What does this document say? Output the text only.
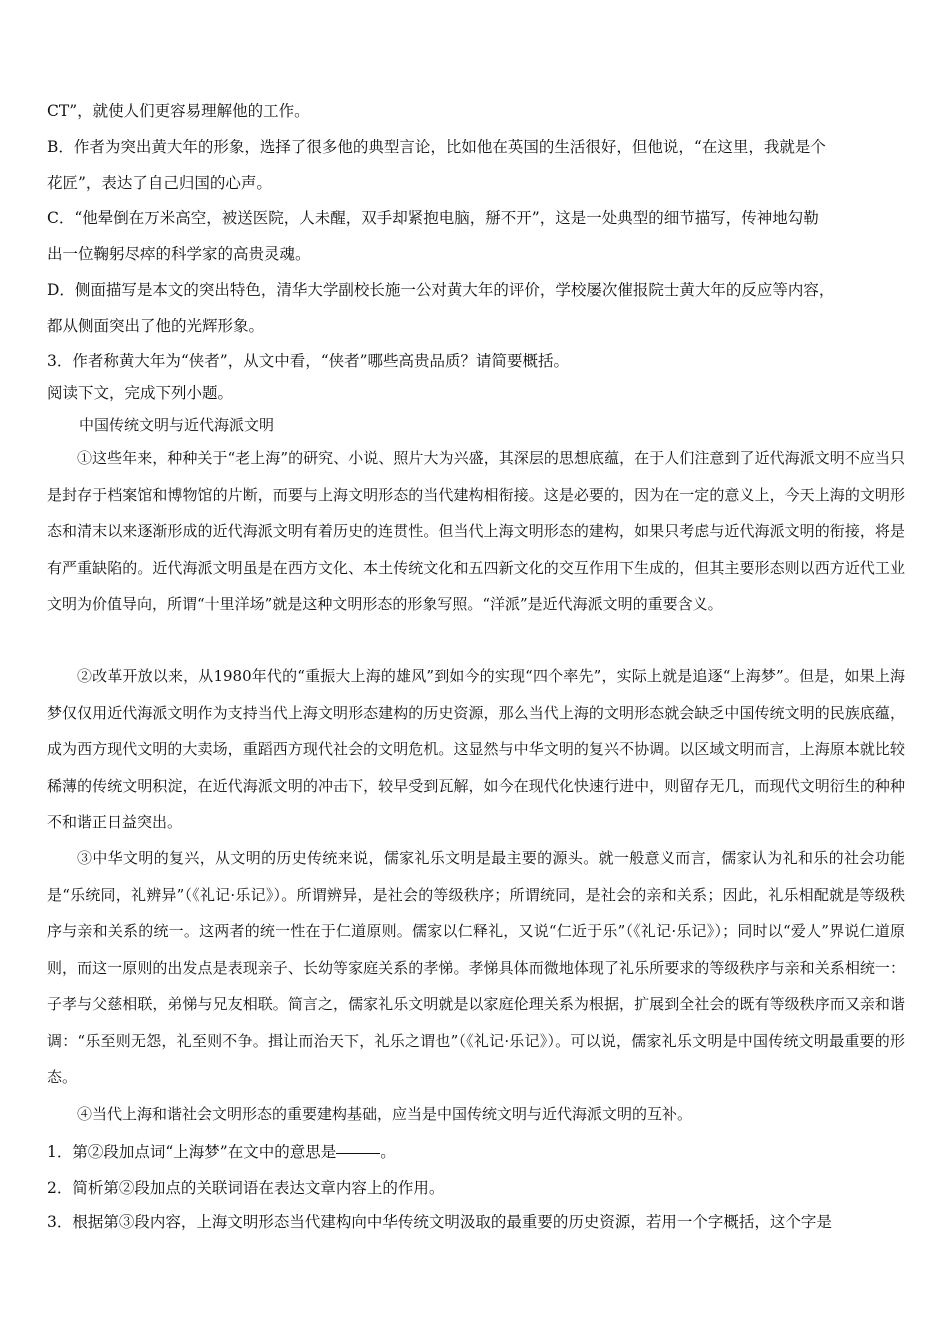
CT”，就使人们更容易理解他的工作。
B．作者为突出黄大年的形象，选择了很多他的典型言论，比如他在英国的生活很好，但他说，“在这里，我就是个
花匠”，表达了自己归国的心声。
C．“他晕倒在万米高空，被送医院，人未醒，双手却紧抱电脑，掰不开”，这是一处典型的细节描写，传神地勾勒
出一位鞠躬尽瘁的科学家的高贵灵魂。
D．侧面描写是本文的突出特色，清华大学副校长施一公对黄大年的评价，学校屡次催报院士黄大年的反应等内容，
都从侧面突出了他的光辉形象。
3．作者称黄大年为“侠者”，从文中看，“侠者”哪些高贵品质？请简要概括。
阅读下文，完成下列小题。
中国传统文明与近代海派文明

①这些年来，种种关于“老上海”的研究、小说、照片大为兴盛，其深层的思想底蕴，在于人们注意到了近代海派文明不应当只是封存于档案馆和博物馆的片断，而要与上海文明形态的当代建构相衔接。这是必要的，因为在一定的意义上，今天上海的文明形态和清末以来逐渐形成的近代海派文明有着历史的连贯性。但当代上海文明形态的建构，如果只考虑与近代海派文明的衔接，将是有严重缺陷的。近代海派文明虽是在西方文化、本土传统文化和五四新文化的交互作用下生成的，但其主要形态则以西方近代工业文明为价值导向，所谓“十里洋场”就是这种文明形态的形象写照。“洋派”是近代海派文明的重要含义。

②改革开放以来，从1980年代的“重振大上海的雄风”到如今的实现“四个率先”，实际上就是追逐“上海梦”。但是，如果上海梦仅仅用近代海派文明作为支持当代上海文明形态建构的历史资源，那么当代上海的文明形态就会缺乏中国传统文明的民族底蕴，成为西方现代文明的大卖场，重蹈西方现代社会的文明危机。这显然与中华文明的复兴不协调。以区域文明而言，上海原本就比较稀薄的传统文明积淀，在近代海派文明的冲击下，较早受到瓦解，如今在现代化快速行进中，则留存无几，而现代文明衍生的种种不和谐正日益突出。

③中华文明的复兴，从文明的历史传统来说，儒家礼乐文明是最主要的源头。就一般意义而言，儒家认为礼和乐的社会功能是“乐统同，礼辨异”（《礼记·乐记》）。所谓辨异，是社会的等级秩序；所谓统同，是社会的亲和关系；因此，礼乐相配就是等级秩序与亲和关系的统一。这两者的统一性在于仁道原则。儒家以仁释礼，又说“仁近于乐”（《礼记·乐记》）；同时以“爱人”界说仁道原则，而这一原则的出发点是表现亲子、长幼等家庭关系的孝悌。孝悌具体而微地体现了礼乐所要求的等级秩序与亲和关系相统一：子孝与父慈相联，弟悌与兄友相联。简言之，儒家礼乐文明就是以家庭伦理关系为根据，扩展到全社会的既有等级秩序而又亲和谐调：“乐至则无怨，礼至则不争。揖让而治天下，礼乐之谓也”（《礼记·乐记》）。可以说，儒家礼乐文明是中国传统文明最重要的形态。

④当代上海和谐社会文明形态的重要建构基础，应当是中国传统文明与近代海派文明的互补。

1．第②段加点词“上海梦”在文中的意思是	。
2．简析第②段加点的关联词语在表达文章内容上的作用。
3．根据第③段内容，上海文明形态当代建构向中华传统文明汲取的最重要的历史资源，若用一个字概括，这个字是
